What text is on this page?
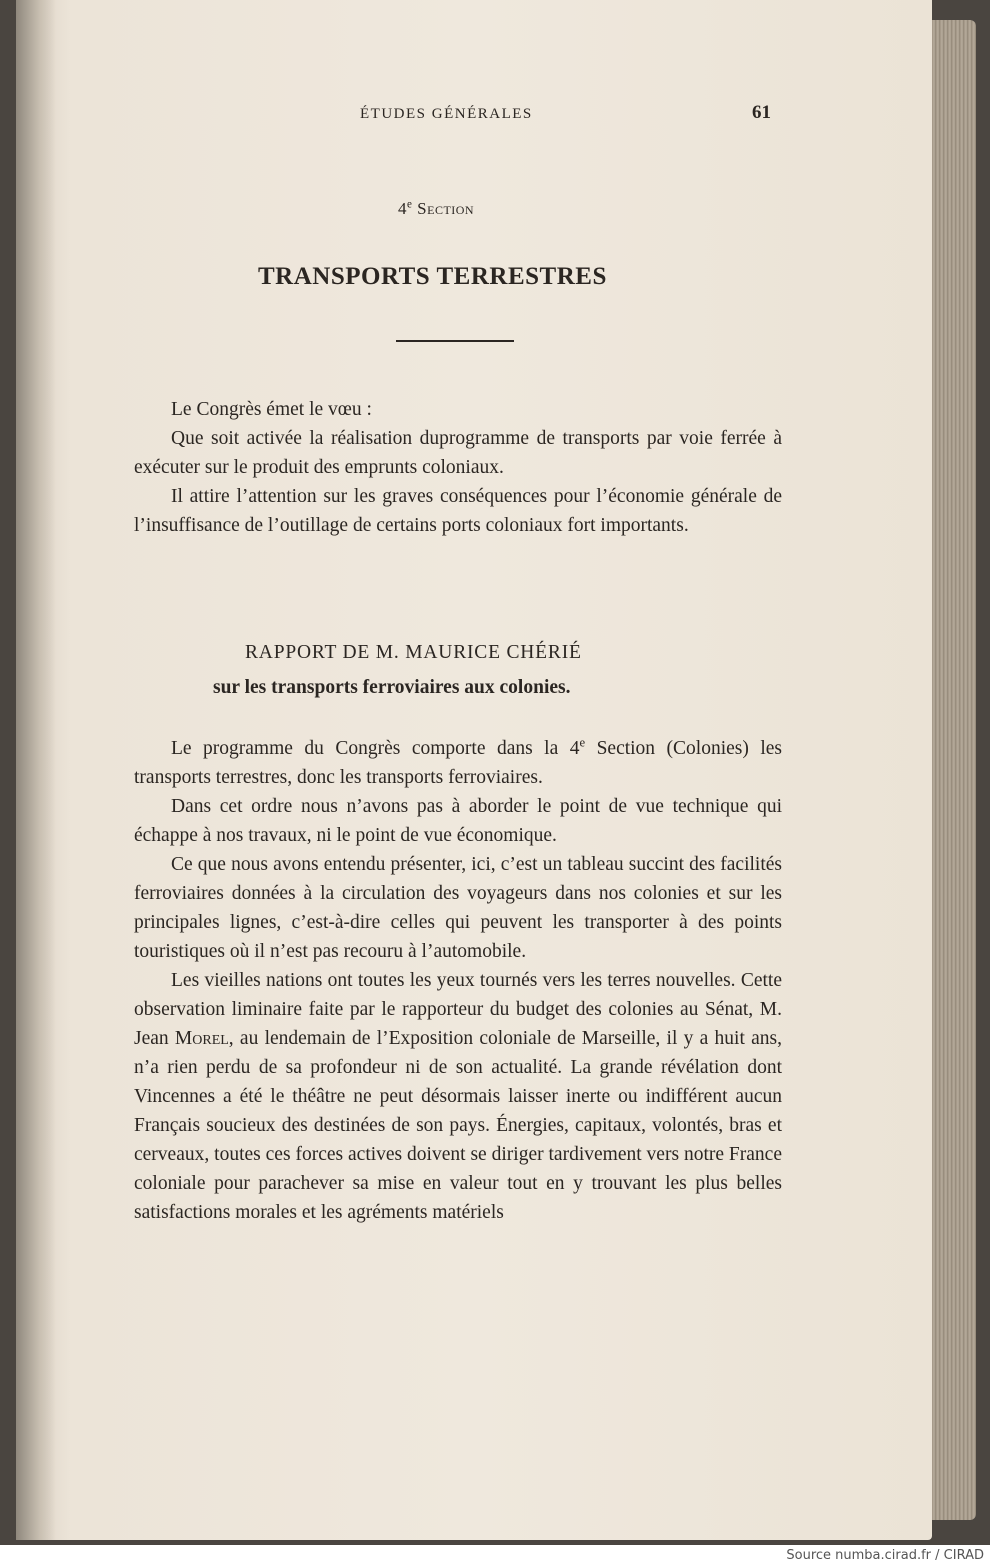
ÉTUDES GÉNÉRALES	61
4e Section
TRANSPORTS TERRESTRES

Le Congrès émet le vœu :

Que soit activée la réalisation duprogramme de transports par voie ferrée à exécuter sur le produit des emprunts coloniaux.

Il attire l’attention sur les graves conséquences pour l’économie générale de l’insuffisance de l’outillage de certains ports coloniaux fort importants.

RAPPORT DE M. MAURICE CHÉRIÉ
sur les transports ferroviaires aux colonies.

Le programme du Congrès comporte dans la 4e Section (Colonies) les transports terrestres, donc les transports ferroviaires.

Dans cet ordre nous n’avons pas à aborder le point de vue technique qui échappe à nos travaux, ni le point de vue économique.

Ce que nous avons entendu présenter, ici, c’est un tableau succint des facilités ferroviaires données à la circulation des voyageurs dans nos colonies et sur les principales lignes, c’est-à-dire celles qui peuvent les transporter à des points touristiques où il n’est pas recouru à l’automobile.

Les vieilles nations ont toutes les yeux tournés vers les terres nouvelles. Cette observation liminaire faite par le rapporteur du budget des colonies au Sénat, M. Jean Morel, au lendemain de l’Exposition coloniale de Marseille, il y a huit ans, n’a rien perdu de sa profondeur ni de son actualité. La grande révélation dont Vincennes a été le théâtre ne peut désormais laisser inerte ou indifférent aucun Français soucieux des destinées de son pays. Énergies, capitaux, volontés, bras et cerveaux, toutes ces forces actives doivent se diriger tardivement vers notre France coloniale pour parachever sa mise en valeur tout en y trouvant les plus belles satisfactions morales et les agréments matériels

Source numba.cirad.fr / CIRAD
